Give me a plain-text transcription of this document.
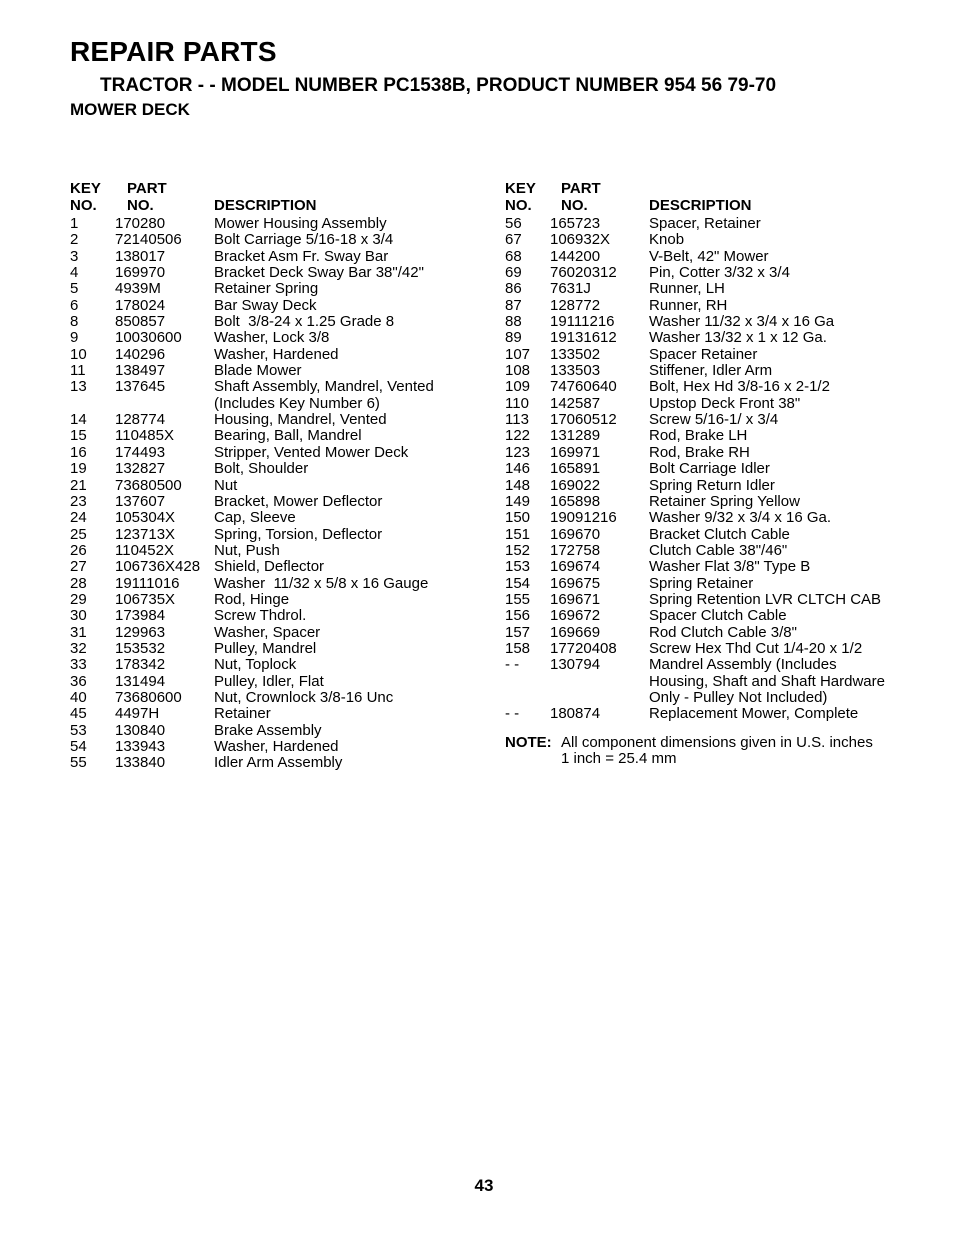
REPAIR PARTS
TRACTOR - - MODEL NUMBER PC1538B, PRODUCT NUMBER 954 56 79-70
MOWER DECK
KEY
NO.
PART
NO.	DESCRIPTION
1 170280	Mower Housing Assembly
2 72140506 Bolt Carriage 5/16-18 x 3/4
3 138017	Bracket Asm Fr. Sway Bar
4 169970	Bracket Deck Sway Bar 38"/42"
5 4939M	Retainer Spring
6 178024	Bar Sway Deck
8 850857	Bolt  3/8-24 x 1.25 Grade 8
9 10030600 Washer, Lock 3/8
10 140296	Washer, Hardened
11 138497	Blade Mower
13 137645	Shaft Assembly, Mandrel, Vented
(Includes Key Number 6)
14 128774	Housing, Mandrel, Vented
15 110485X	Bearing, Ball, Mandrel
16 174493	Stripper, Vented Mower Deck
19 132827	Bolt, Shoulder
21 73680500 Nut
23 137607	Bracket, Mower Deflector
24 105304X	Cap, Sleeve
25 123713X	Spring, Torsion, Deflector
26 110452X	Nut, Push
27 106736X428 Shield, Deflector
28 19111016 Washer  11/32 x 5/8 x 16 Gauge
29 106735X	Rod, Hinge
30 173984	Screw Thdrol.
31 129963	Washer, Spacer
32 153532	Pulley, Mandrel
33 178342	Nut, Toplock
36 131494	Pulley, Idler, Flat
40 73680600 Nut, Crownlock 3/8-16 Unc
45 4497H	Retainer
53 130840	Brake Assembly
54 133943	Washer, Hardened
55 133840	Idler Arm Assembly
KEY
NO.
PART
NO.	DESCRIPTION
56 165723	Spacer, Retainer
67 106932X	Knob
68 144200	V-Belt, 42" Mower
69 76020312 Pin, Cotter 3/32 x 3/4
86 7631J	Runner, LH
87 128772	Runner, RH
88 19111216 Washer 11/32 x 3/4 x 16 Ga
89 19131612 Washer 13/32 x 1 x 12 Ga.
107 133502	Spacer Retainer
108 133503	Stiffener, Idler Arm
109 74760640 Bolt, Hex Hd 3/8-16 x 2-1/2
110 142587	Upstop Deck Front 38"
113 17060512 Screw 5/16-1/ x 3/4
122 131289	Rod, Brake LH
123 169971	Rod, Brake RH
146 165891	Bolt Carriage Idler
148 169022	Spring Return Idler
149 165898	Retainer Spring Yellow
150 19091216 Washer 9/32 x 3/4 x 16 Ga.
151 169670	Bracket Clutch Cable
152 172758	Clutch Cable 38"/46"
153 169674	Washer Flat 3/8" Type B
154 169675	Spring Retainer
155 169671	Spring Retention LVR CLTCH CAB
156 169672	Spacer Clutch Cable
157 169669	Rod Clutch Cable 3/8"
158 17720408 Screw Hex Thd Cut 1/4-20 x 1/2
- - 130794	Mandrel Assembly (Includes
Housing, Shaft and Shaft Hardware
Only - Pulley Not Included)
- - 180874	Replacement Mower, Complete
NOTE: All component dimensions given in U.S. inches
1 inch = 25.4 mm
43
